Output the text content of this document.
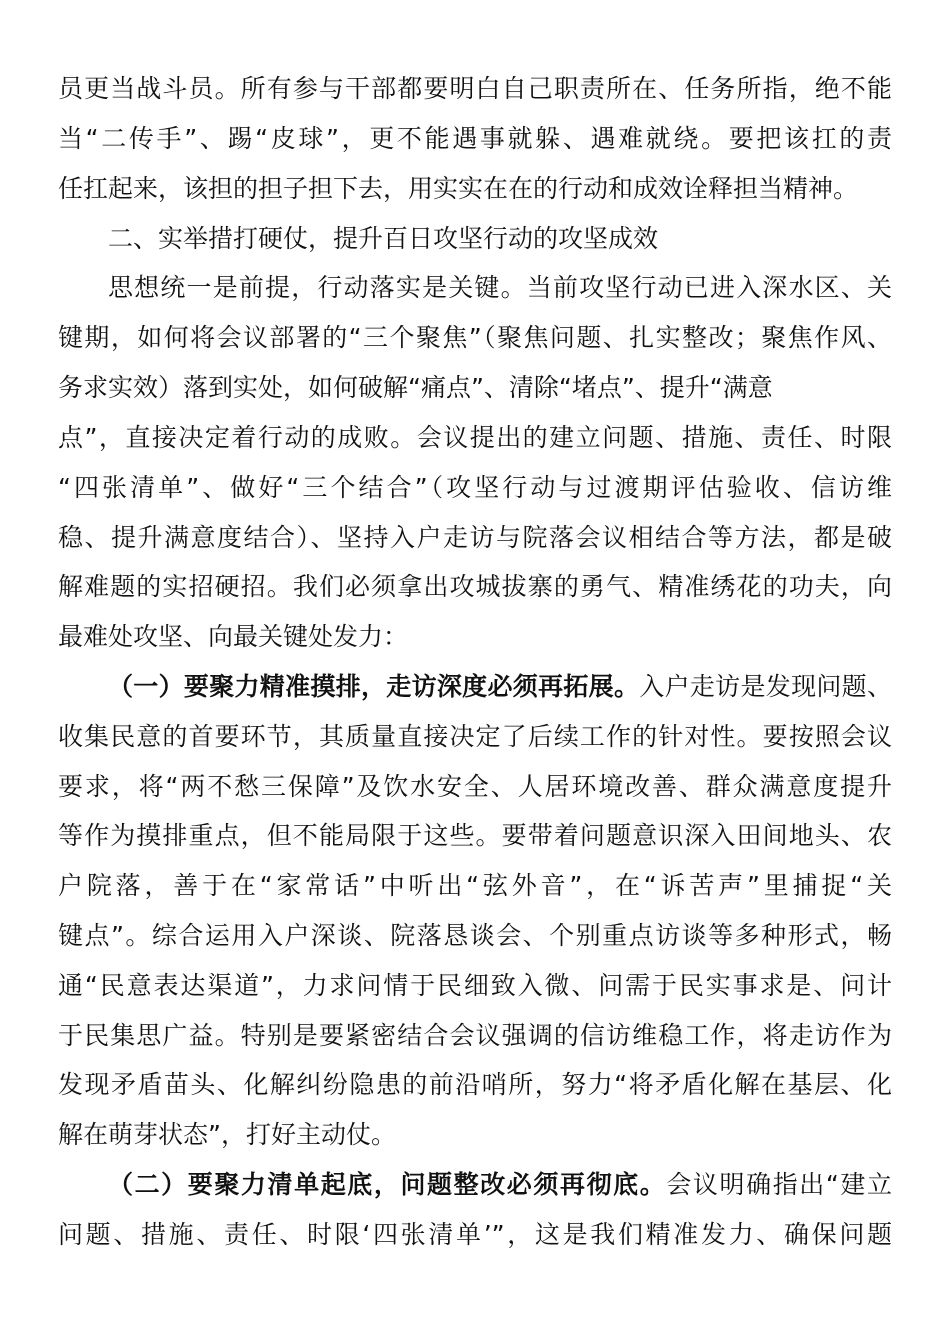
员更当战斗员。所有参与干部都要明白自己职责所在、任务所指，绝不能
当“二传手”、踢“皮球”，更不能遇事就躲、遇难就绕。要把该扛的责
任扛起来，该担的担子担下去，用实实在在的行动和成效诠释担当精神。
二、实举措打硬仗，提升百日攻坚行动的攻坚成效
思想统一是前提，行动落实是关键。当前攻坚行动已进入深水区、关
键期，如何将会议部署的“三个聚焦”（聚焦问题、扎实整改；聚焦作风、
务求实效）落到实处，如何破解“痛点”、清除“堵点”、提升“满意
点”，直接决定着行动的成败。会议提出的建立问题、措施、责任、时限
“四张清单”、做好“三个结合”（攻坚行动与过渡期评估验收、信访维
稳、提升满意度结合）、坚持入户走访与院落会议相结合等方法，都是破
解难题的实招硬招。我们必须拿出攻城拔寨的勇气、精准绣花的功夫，向
最难处攻坚、向最关键处发力：
（一）要聚力精准摸排，走访深度必须再拓展。入户走访是发现问题、
收集民意的首要环节，其质量直接决定了后续工作的针对性。要按照会议
要求，将“两不愁三保障”及饮水安全、人居环境改善、群众满意度提升
等作为摸排重点，但不能局限于这些。要带着问题意识深入田间地头、农
户院落，善于在“家常话”中听出“弦外音”，在“诉苦声”里捕捉“关
键点”。综合运用入户深谈、院落恳谈会、个别重点访谈等多种形式，畅
通“民意表达渠道”，力求问情于民细致入微、问需于民实事求是、问计
于民集思广益。特别是要紧密结合会议强调的信访维稳工作，将走访作为
发现矛盾苗头、化解纠纷隐患的前沿哨所，努力“将矛盾化解在基层、化
解在萌芽状态”，打好主动仗。
（二）要聚力清单起底，问题整改必须再彻底。会议明确指出“建立
问题、措施、责任、时限‘四张清单’”，这是我们精准发力、确保问题
